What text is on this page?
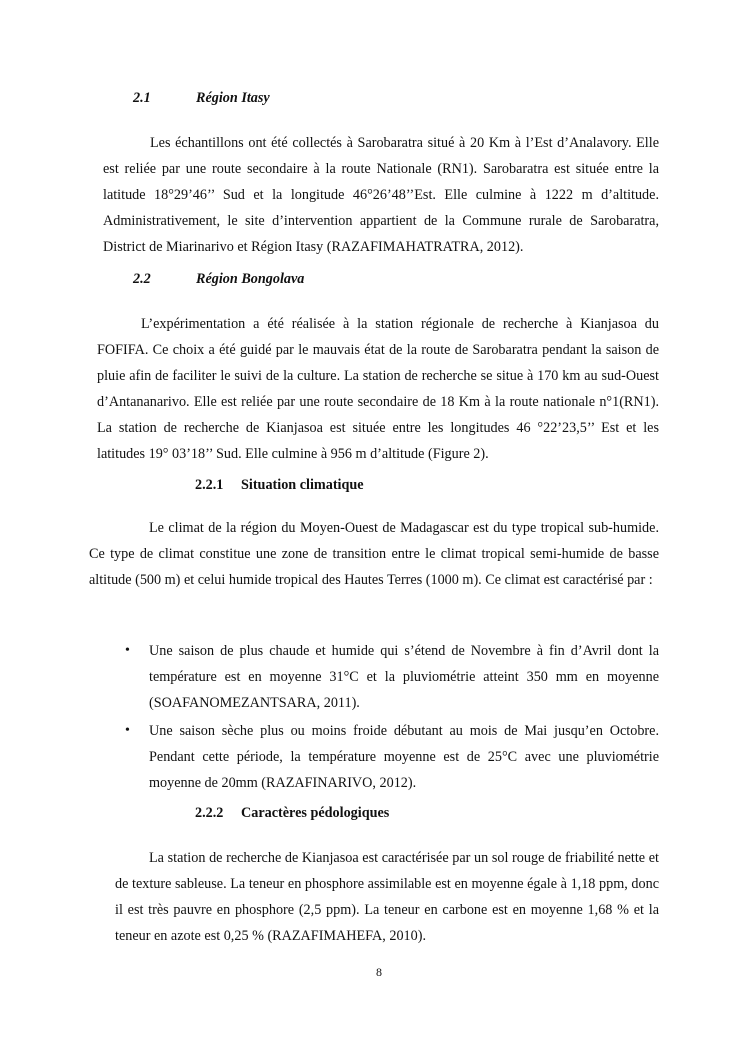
2.1	Région Itasy
Les échantillons ont été collectés à Sarobaratra situé à 20 Km à l’Est d’Analavory. Elle est reliée par une route secondaire à la route Nationale (RN1). Sarobaratra est située entre la latitude 18°29’46’’ Sud et la longitude 46°26’48’’Est. Elle culmine à 1222 m d’altitude. Administrativement, le site d’intervention appartient de la Commune rurale de Sarobaratra, District de Miarinarivo et Région Itasy (RAZAFIMAHATRATRA, 2012).
2.2	Région Bongolava
L’expérimentation a été réalisée à la station régionale de recherche à Kianjasoa du FOFIFA. Ce choix a été guidé par le mauvais état de la route de Sarobaratra pendant la saison de pluie afin de faciliter le suivi de la culture. La station de recherche se situe à 170 km au sud-Ouest d’Antananarivo. Elle est reliée par une route secondaire de 18 Km à la route nationale n°1(RN1). La station de recherche de Kianjasoa est située entre les longitudes 46 °22’23,5’’ Est et les latitudes 19° 03’18’’ Sud. Elle culmine à 956 m d’altitude (Figure 2).
2.2.1 Situation climatique
Le climat de la région du Moyen-Ouest de Madagascar est du type tropical sub-humide. Ce type de climat constitue une zone de transition entre le climat tropical semi-humide de basse altitude (500 m) et celui humide tropical des Hautes Terres (1000 m). Ce climat est caractérisé par :
• Une saison de plus chaude et humide qui s’étend de Novembre à fin d’Avril dont la température est en moyenne 31°C et la pluviométrie atteint 350 mm en moyenne (SOAFANOMEZANTSARA, 2011).
• Une saison sèche plus ou moins froide débutant au mois de Mai jusqu’en Octobre. Pendant cette période, la température moyenne est de 25°C avec une pluviométrie moyenne de 20mm (RAZAFINARIVO, 2012).
2.2.2 Caractères pédologiques
La station de recherche de Kianjasoa est caractérisée par un sol rouge de friabilité nette et de texture sableuse. La teneur en phosphore assimilable est en moyenne égale à 1,18 ppm, donc il est très pauvre en phosphore (2,5 ppm). La teneur en carbone est en moyenne 1,68 % et la teneur en azote est 0,25 % (RAZAFIMAHEFA, 2010).
8
